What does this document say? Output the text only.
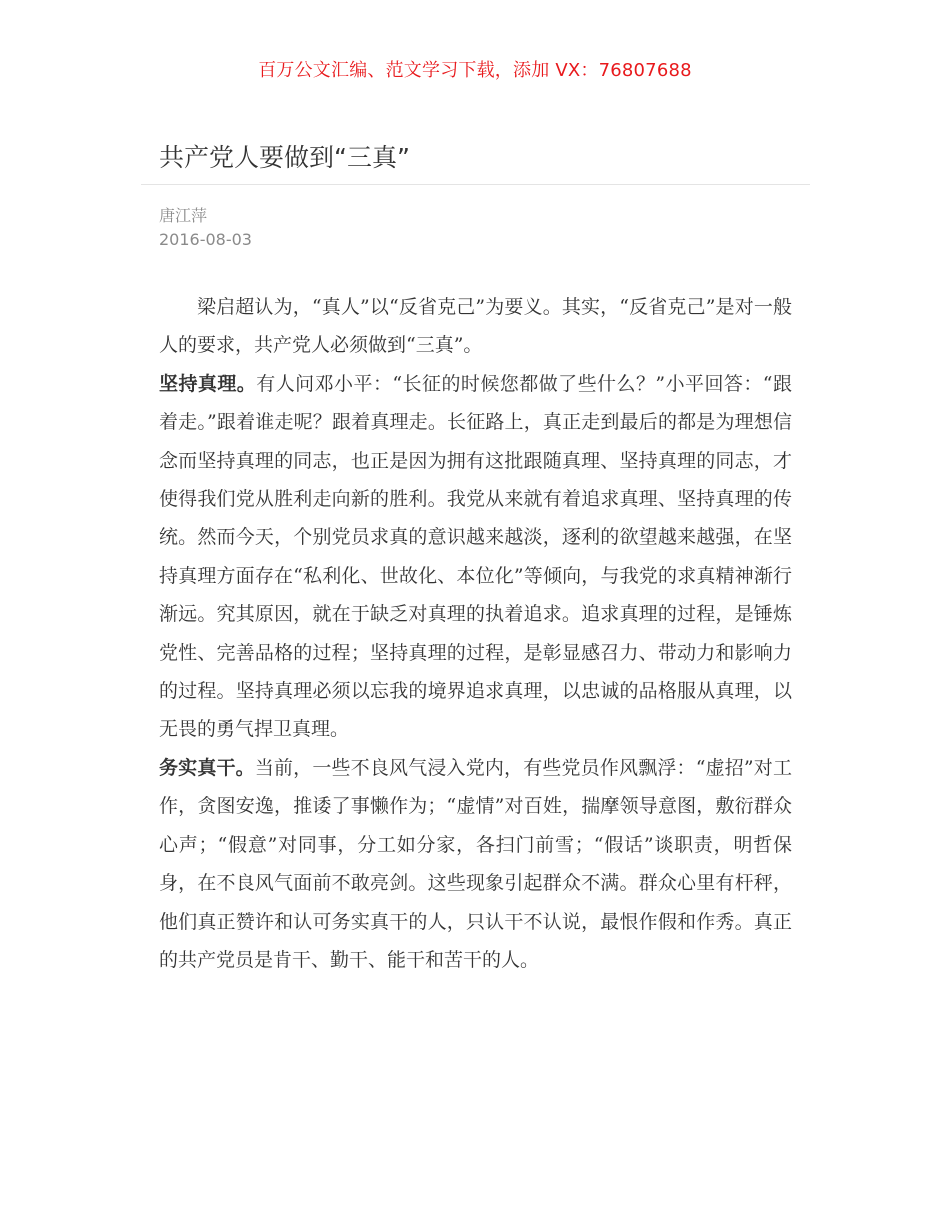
百万公文汇编、范文学习下载，添加 VX：76807688
共产党人要做到“三真”
唐江萍
2016-08-03

梁启超认为，“真人”以“反省克己”为要义。其实，“反省克己”是对一般人的要求，共产党人必须做到“三真”。

坚持真理。有人问邓小平：“长征的时候您都做了些什么？”小平回答：“跟着走。”跟着谁走呢？跟着真理走。长征路上，真正走到最后的都是为理想信念而坚持真理的同志，也正是因为拥有这批跟随真理、坚持真理的同志，才使得我们党从胜利走向新的胜利。我党从来就有着追求真理、坚持真理的传统。然而今天，个别党员求真的意识越来越淡，逐利的欲望越来越强，在坚持真理方面存在“私利化、世故化、本位化”等倾向，与我党的求真精神渐行渐远。究其原因，就在于缺乏对真理的执着追求。追求真理的过程，是锤炼党性、完善品格的过程；坚持真理的过程，是彰显感召力、带动力和影响力的过程。坚持真理必须以忘我的境界追求真理，以忠诚的品格服从真理，以无畏的勇气捍卫真理。

务实真干。当前，一些不良风气浸入党内，有些党员作风飘浮：“虚招”对工作，贪图安逸，推诿了事懒作为；“虚情”对百姓，揣摩领导意图，敷衍群众心声；“假意”对同事，分工如分家，各扫门前雪；“假话”谈职责，明哲保身，在不良风气面前不敢亮剑。这些现象引起群众不满。群众心里有杆秤，他们真正赞许和认可务实真干的人，只认干不认说，最恨作假和作秀。真正的共产党员是肯干、勤干、能干和苦干的人。
